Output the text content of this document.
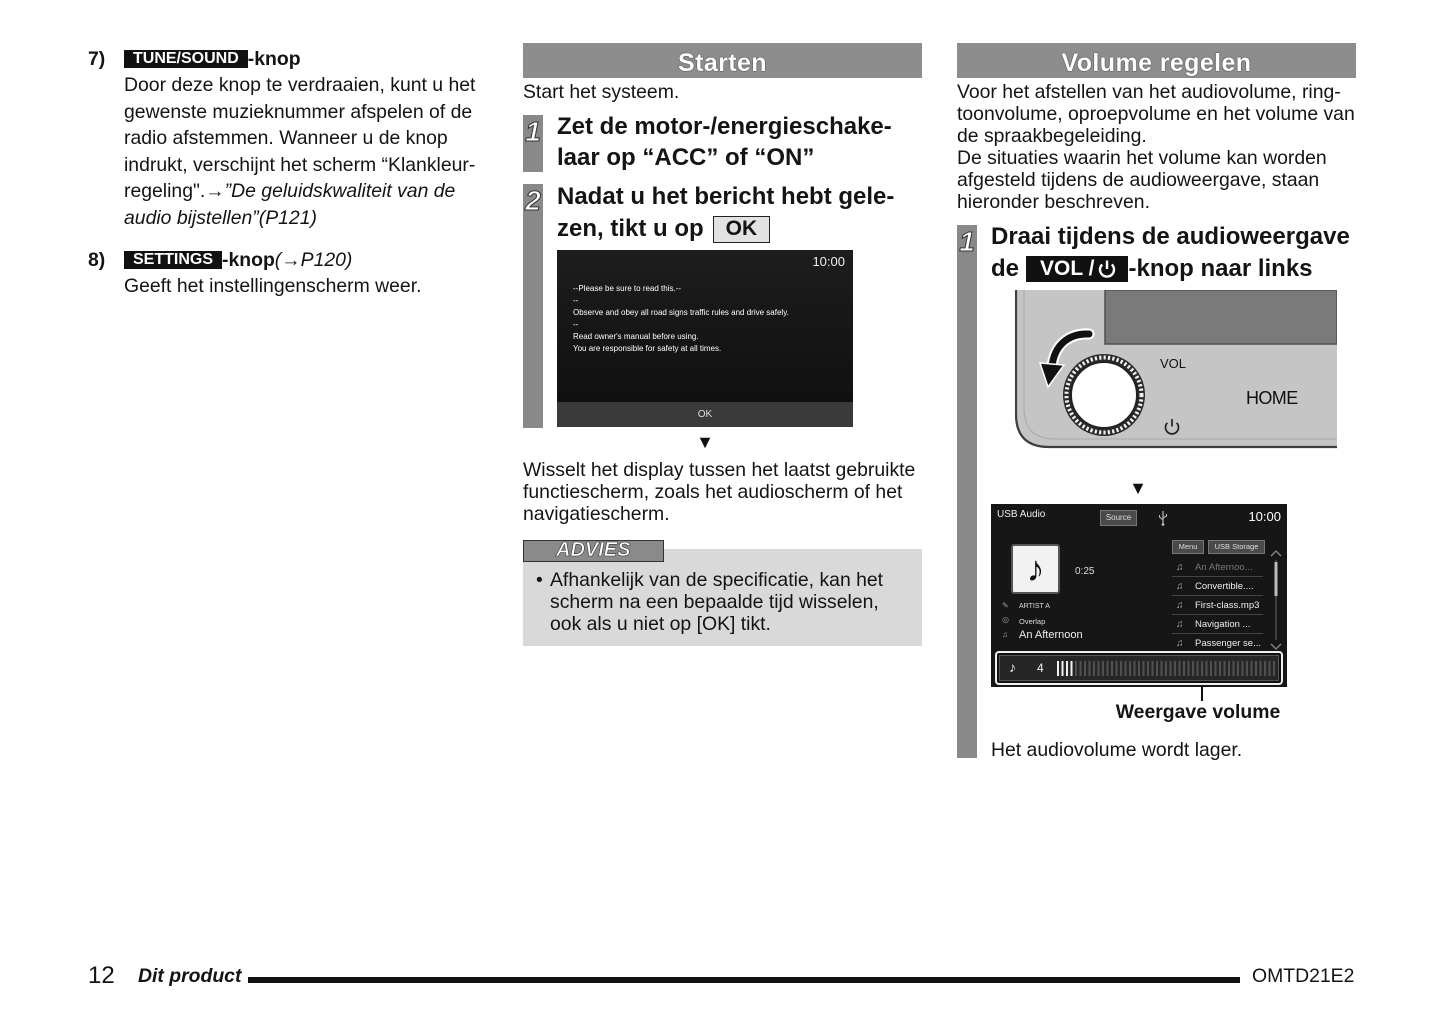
7)	TUNE/SOUND -knop
Door deze knop te verdraaien, kunt u het
gewenste muzieknummer afspelen of de
radio afstemmen. Wanneer u de knop
indrukt, verschijnt het scherm “Klankleur-
regeling".→”De geluidskwaliteit van de
audio bijstellen”(P121)
8)	SETTINGS -knop (→P120)
Geeft het instellingenscherm weer.
Starten
Start het systeem.
1 Zet de motor-/energieschake-
laar op “ACC” of “ON”
2 Nadat u het bericht hebt gele-
zen, tikt u op	OK
10:00
--Please be sure to read this.--
--
Observe and obey all road signs traffic rules and drive safely.
--
Read owner's manual before using.
You are responsible for safety at all times.
OK
▼
Wisselt het display tussen het laatst gebruikte
functiescherm, zoals het audioscherm of het
navigatiescherm.
ADVIES
• Afhankelijk van de specificatie, kan het
scherm na een bepaalde tijd wisselen,
ook als u niet op [OK] tikt.
Volume regelen
Voor het afstellen van het audiovolume, ring-
toonvolume, oproepvolume en het volume van
de spraakbegeleiding.
De situaties waarin het volume kan worden
afgesteld tijdens de audioweergave, staan
hieronder beschreven.
1 Draai tijdens de audioweergave
de VOL / -knop naar links
VOL
HOME
▼
USB Audio	Source	10:00
♪	0:25
✎ ARTIST A
◎ Overlap
♫ An Afternoon
Menu	USB Storage
♫ An Afternoo...
♫ Convertible....
♫ First-class.mp3
♫ Navigation ...
♫ Passenger se...
♪ 4
Weergave volume
Het audiovolume wordt lager.
12 Dit product	OMTD21E2
